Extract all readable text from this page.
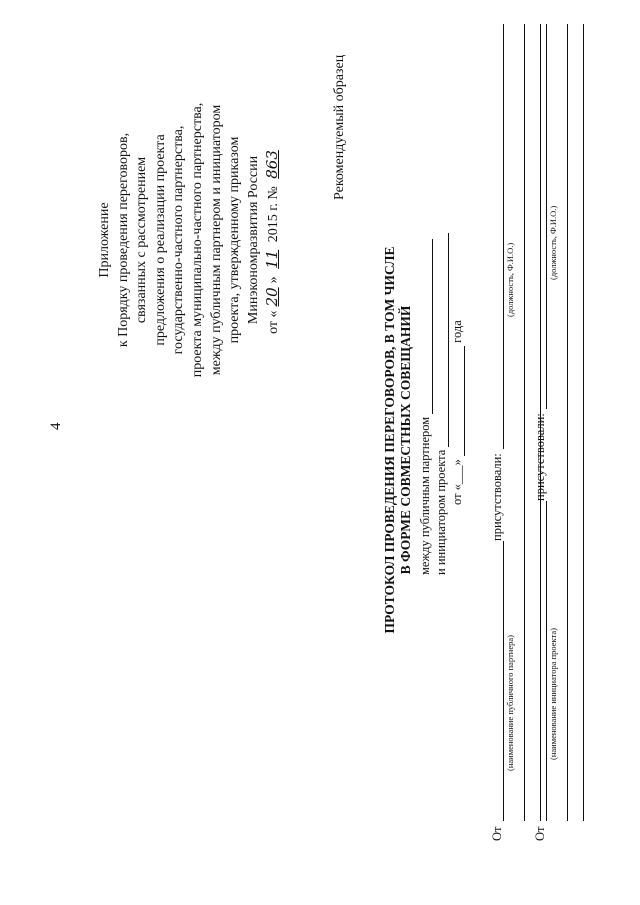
4
Приложение к Порядку проведения переговоров, связанных с рассмотрением предложения о реализации проекта государственно-частного партнерства, проекта муниципально-частного партнерства, между публичным партнером и инициатором проекта, утвержденному приказом Минэкономразвития России от «20» 11 2015 г. № 863	Рекомендуемый образец
ПРОТОКОЛ ПРОВЕДЕНИЯ ПЕРЕГОВОРОВ, В ТОМ ЧИСЛЕ В ФОРМЕ СОВМЕСТНЫХ СОВЕЩАНИЙ между публичным партнером и инициатором проекта от «___»  года
От
(наименование публичного партнера)
присутствовали:
(должность, Ф.И.О.)
От
(наименование инициатора проекта)
присутствовали:
(должность, Ф.И.О.)
